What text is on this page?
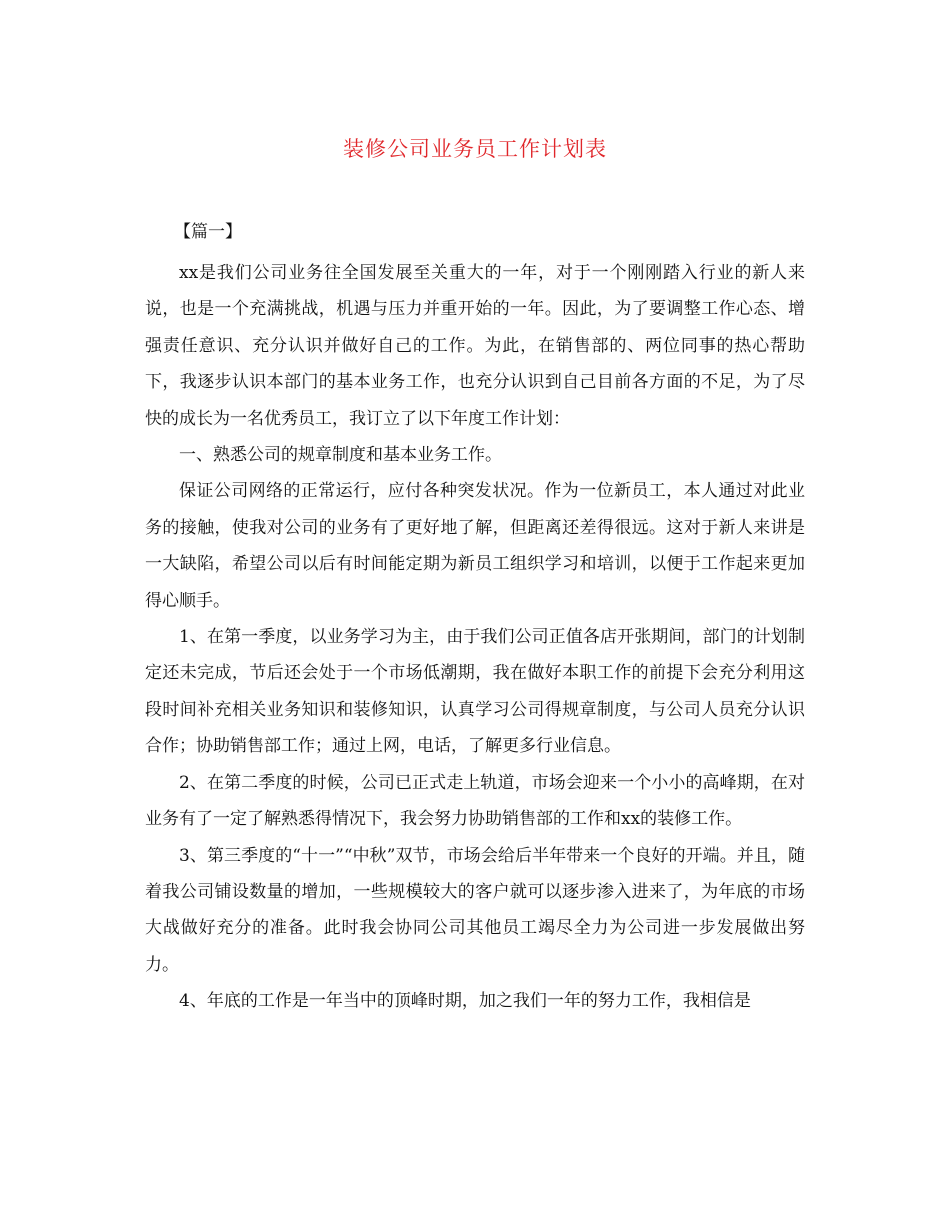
装修公司业务员工作计划表
【篇一】

xx是我们公司业务往全国发展至关重大的一年，对于一个刚刚踏入行业的新人来说，也是一个充满挑战，机遇与压力并重开始的一年。因此，为了要调整工作心态、增强责任意识、充分认识并做好自己的工作。为此，在销售部的、两位同事的热心帮助下，我逐步认识本部门的基本业务工作，也充分认识到自己目前各方面的不足，为了尽快的成长为一名优秀员工，我订立了以下年度工作计划：

一、熟悉公司的规章制度和基本业务工作。

保证公司网络的正常运行，应付各种突发状况。作为一位新员工，本人通过对此业务的接触，使我对公司的业务有了更好地了解，但距离还差得很远。这对于新人来讲是一大缺陷，希望公司以后有时间能定期为新员工组织学习和培训，以便于工作起来更加得心顺手。

1、在第一季度，以业务学习为主，由于我们公司正值各店开张期间，部门的计划制定还未完成，节后还会处于一个市场低潮期，我在做好本职工作的前提下会充分利用这段时间补充相关业务知识和装修知识，认真学习公司得规章制度，与公司人员充分认识合作；协助销售部工作；通过上网，电话，了解更多行业信息。

2、在第二季度的时候，公司已正式走上轨道，市场会迎来一个小小的高峰期，在对业务有了一定了解熟悉得情况下，我会努力协助销售部的工作和xx的装修工作。

3、第三季度的“十一”“中秋”双节，市场会给后半年带来一个良好的开端。并且，随着我公司铺设数量的增加，一些规模较大的客户就可以逐步渗入进来了，为年底的市场大战做好充分的准备。此时我会协同公司其他员工竭尽全力为公司进一步发展做出努力。

4、年底的工作是一年当中的顶峰时期，加之我们一年的努力工作，我相信是
